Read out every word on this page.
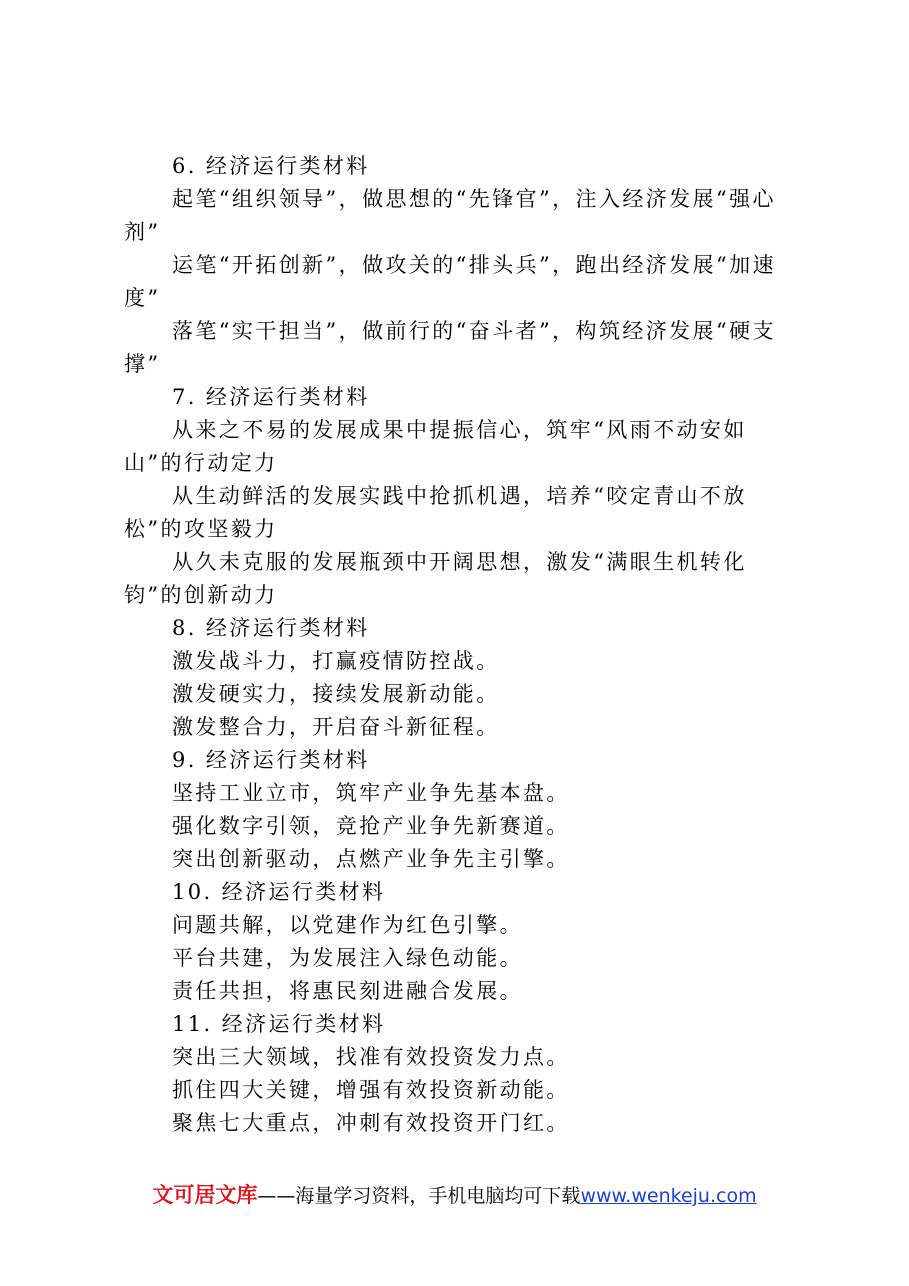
6. 经济运行类材料

起笔“组织领导”，做思想的“先锋官”，注入经济发展“强心剂”

运笔“开拓创新”，做攻关的“排头兵”，跑出经济发展“加速度”

落笔“实干担当”，做前行的“奋斗者”，构筑经济发展“硬支撑”

7. 经济运行类材料

从来之不易的发展成果中提振信心，筑牢“风雨不动安如山”的行动定力

从生动鲜活的发展实践中抢抓机遇，培养“咬定青山不放松”的攻坚毅力

从久未克服的发展瓶颈中开阔思想，激发“满眼生机转化钧”的创新动力

8. 经济运行类材料

激发战斗力，打赢疫情防控战。

激发硬实力，接续发展新动能。

激发整合力，开启奋斗新征程。

9. 经济运行类材料

坚持工业立市，筑牢产业争先基本盘。

强化数字引领，竞抢产业争先新赛道。

突出创新驱动，点燃产业争先主引擎。

10. 经济运行类材料

问题共解，以党建作为红色引擎。

平台共建，为发展注入绿色动能。

责任共担，将惠民刻进融合发展。

11. 经济运行类材料

突出三大领域，找准有效投资发力点。

抓住四大关键，增强有效投资新动能。

聚焦七大重点，冲刺有效投资开门红。

文可居文库——海量学习资料，手机电脑均可下载www.wenkeju.com
